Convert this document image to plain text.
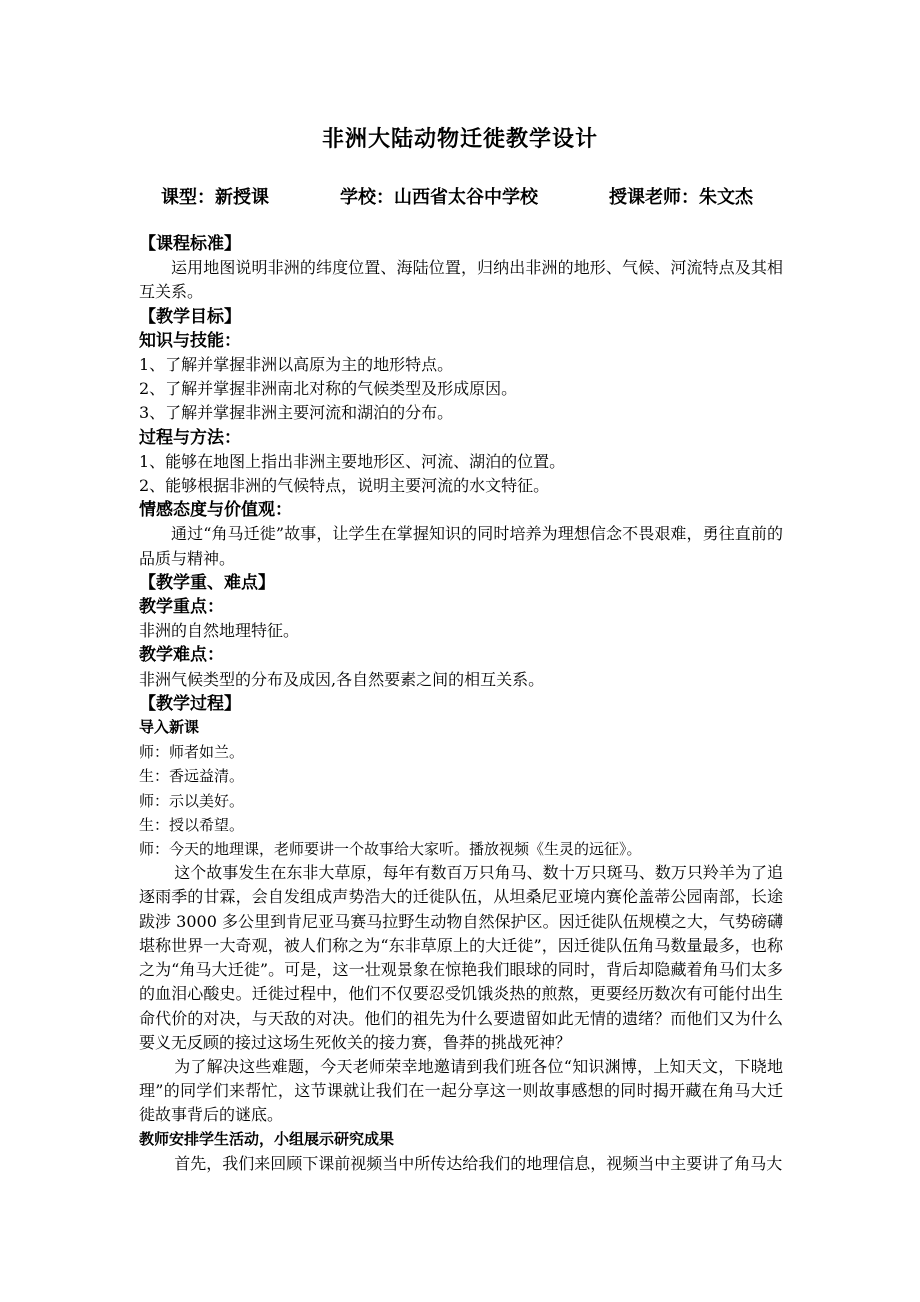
非洲大陆动物迁徙教学设计
课型：新授课	学校：山西省太谷中学校	授课老师：朱文杰

【课程标准】

运用地图说明非洲的纬度位置、海陆位置，归纳出非洲的地形、气候、河流特点及其相互关系。

【教学目标】

知识与技能：

1、了解并掌握非洲以高原为主的地形特点。

2、了解并掌握非洲南北对称的气候类型及形成原因。

3、了解并掌握非洲主要河流和湖泊的分布。

过程与方法：

1、能够在地图上指出非洲主要地形区、河流、湖泊的位置。

2、能够根据非洲的气候特点，说明主要河流的水文特征。

情感态度与价值观：

通过“角马迁徙”故事，让学生在掌握知识的同时培养为理想信念不畏艰难，勇往直前的品质与精神。

【教学重、难点】

教学重点：

非洲的自然地理特征。

教学难点：

非洲气候类型的分布及成因,各自然要素之间的相互关系。

【教学过程】

导入新课

师：师者如兰。

生：香远益清。

师：示以美好。

生：授以希望。

师：今天的地理课，老师要讲一个故事给大家听。播放视频《生灵的远征》。

这个故事发生在东非大草原，每年有数百万只角马、数十万只斑马、数万只羚羊为了追逐雨季的甘霖，会自发组成声势浩大的迁徙队伍，从坦桑尼亚境内赛伦盖蒂公园南部，长途跋涉 3000 多公里到肯尼亚马赛马拉野生动物自然保护区。因迁徙队伍规模之大，气势磅礴堪称世界一大奇观，被人们称之为“东非草原上的大迁徙”，因迁徙队伍角马数量最多，也称之为“角马大迁徙”。可是，这一壮观景象在惊艳我们眼球的同时，背后却隐藏着角马们太多的血泪心酸史。迁徙过程中，他们不仅要忍受饥饿炎热的煎熬，更要经历数次有可能付出生命代价的对决，与天敌的对决。他们的祖先为什么要遗留如此无情的遗绪？而他们又为什么要义无反顾的接过这场生死攸关的接力赛，鲁莽的挑战死神？

为了解决这些难题，今天老师荣幸地邀请到我们班各位“知识渊博，上知天文，下晓地理”的同学们来帮忙，这节课就让我们在一起分享这一则故事感想的同时揭开藏在角马大迁徙故事背后的谜底。

教师安排学生活动，小组展示研究成果

首先，我们来回顾下课前视频当中所传达给我们的地理信息，视频当中主要讲了角马大
